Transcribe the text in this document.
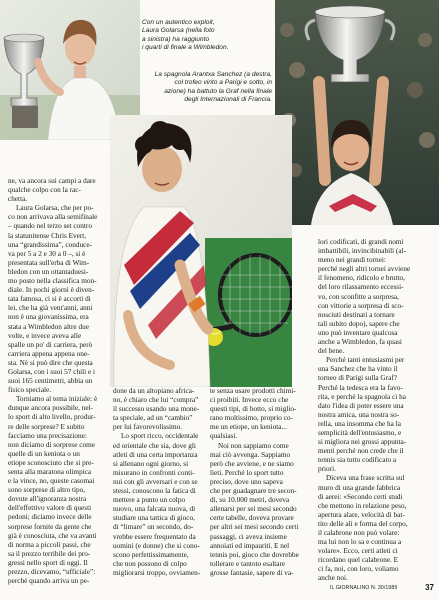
Con un autentico exploit,
Laura Golarsa (nella foto
a sinistra) ha raggiunto
i quarti di finale a Wimbledon.
La spagnola Arantxa Sanchez (a destra,
col trofeo vinto a Parigi e sotto, in
azione) ha battuto la Graf nella finale
degli Internazionali di Francia.
ne, va ancora sui campi a dare
qualche colpo con la rac-
chetta.
Laura Golarsa, che per po-
co non arrivava alla semifinale
– quando nel terzo set contro
la statunitense Chris Evert,
una “grandissima”, conduce-
va per 5 a 2 e 30 a 0 –, si è
presentata sull'erba di Wim-
bledon con un ottantaduesi-
mo posto nella classifica mon-
diale. In pochi giorni è diven-
tata famosa, ci si è accorti di
lei, che ha già vent'anni, anni
non è una giovanissima, era
stata a Wimbledon altre due
volte, e invece aveva alle
spalle un po' di carriera, però
carriera appena appena one-
sta. Nè si può dire che questa
Golarsa, con i suoi 57 chili e i
suoi 165 centimetri, abbia un
fisico speciale.
Torniamo al tema iniziale: è
dunque ancora possibile, nel-
lo sport di alto livello, produr-
re delle sorprese? E subito
facciamo una precisazione:
non diciamo di sorprese come
quelle di un keniota o un
etiope sconosciuto che si pre-
senta alla maratona olimpica
e la vince, no, queste casomai
sono sorprese di altro tipo,
dovute all'ignoranza nostra
dell'effettivo valore di questi
pedoni; diciamo invece delle
sorprese fornite da gente che
già è conosciuta, che va avanti
di norma a piccoli passi, che
sa il prezzo terribile dei pro-
gressi nello sport di oggi. Il
prezzo, dicevamo, “ufficiale”:
perché quando arriva un pe-
done da un altopiano africa-
no, è chiaro che lui “compra”
il successo usando una mone-
ta speciale, ad un “cambio”
per lui favorevolissimo.
Lo sport ricco, occidentale
ed orientale che sia, dove gli
atleti di una certa importanza
si allenano ogni giorno, si
misurano in confronti conti-
nui con gli avversari e con se
stessi, conoscono la fatica di
mettere a punto un colpo
nuovo, una falcata nuova, di
studiare una tattica di gioco,
di “limare” un secondo, do-
vrebbe essere frequentato da
uomini (e donne) che si cono-
scono perfettissimamente,
che non possono di colpo
migliorarsi troppo, ovviamen-
te senza usare prodotti chimi-
ci proibiti. Invece ecco che
questi tipi, di botto, si miglio-
rano moltissimo, proprio co-
me un etiope, un keniota...
qualsiasi.
Noi non sappiamo come
mai ciò avvenga. Sappiamo
però che avviene, e ne siamo
lieti. Perché lo sport tutto
preciso, dove uno sapeva
che per guadagnare tre secon-
di, su 10.000 metri, doveva
allenarsi per sei mesi secondo
certe tabelle, doveva provare
per altri sei mesi secondo certi
passaggi, ci aveva insieme
annoiati ed impauriti. E nel
tennis poi, gioco che dovrebbe
tollerare e tantoto esaltare
grosse fantasie, sapere di va-
lori codificati, di grandi nomi
imbattibili, invincibinabili (al-
meno nei grandi tornei:
perché negli altri tornei avviene
il fenomeno, ridicolo e brutto,
del loro rilassamento eccessi-
vo, con sconfitte a sorpresa,
con vittorie a sorpresa di sco-
nosciuti destinati a tornare
tali subito dopo), sapere che
uno può inventare qualcosa
anche a Wimbledon, fa quasi
del bene.
Perché tanti entusiasmi per
una Sanchez che ha vinto il
torneo di Parigi sulla Graf?
Perché la tedesca era la favo-
rita, e perché la spagnola ci ha
dato l'idea di poter essere una
nostra amica, una nostra so-
rella, una insomma che ha la
semplicità dell'entusiasmo, e
si migliora nei grossi appunta-
menti perché non crede che il
tennis sia tutto codificato a
priori.
Diceva una frase scritta sul
muro di una grande fabbrica
di aerei: «Secondo certi studi
che mettono in relazione peso,
apertura alare, velocità di bat-
tito delle ali e forma del corpo,
il calabrone non può volare:
ma lui non lo sa e continua a
volare». Ecco, certi atleti ci
ricordano quel calabrone. E
ci fa, noi, con loro, voliamo
anche noi.
IL GIORNALINO N. 30/1989	37
